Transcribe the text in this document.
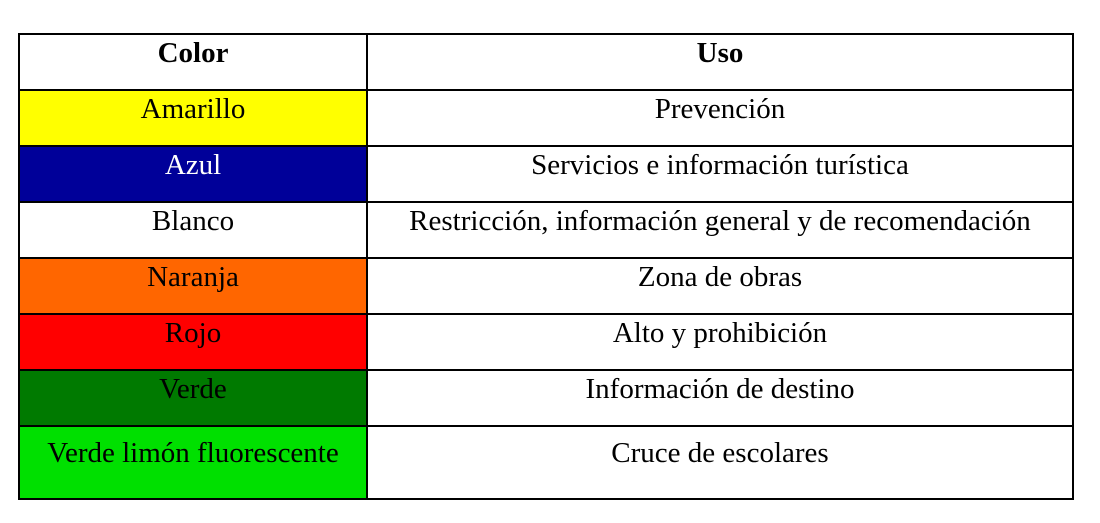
Color	Uso
Amarillo	Prevención
Azul	Servicios e información turística
Blanco	Restricción, información general y de recomendación
Naranja	Zona de obras
Rojo	Alto y prohibición
Verde	Información de destino
Verde limón fluorescente	Cruce de escolares
